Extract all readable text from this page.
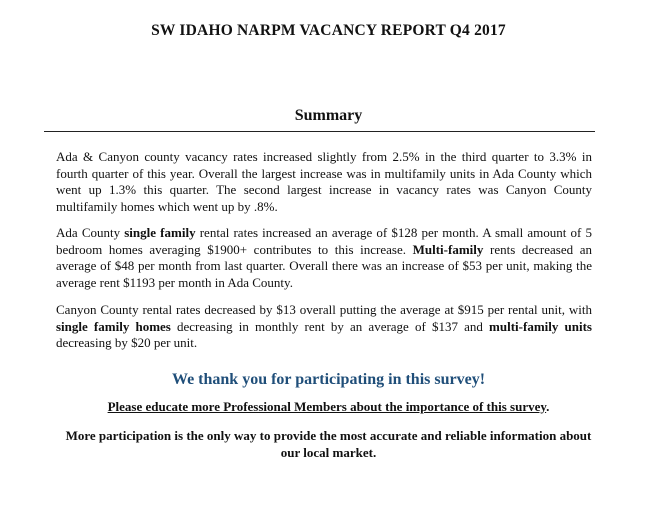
SW IDAHO NARPM VACANCY REPORT Q4 2017
Summary

Ada & Canyon county vacancy rates increased slightly from 2.5% in the third quarter to 3.3% in fourth quarter of this year. Overall the largest increase was in multifamily units in Ada County which went up 1.3% this quarter. The second largest increase in vacancy rates was Canyon County multifamily homes which went up by .8%.

Ada County single family rental rates increased an average of $128 per month. A small amount of 5 bedroom homes averaging $1900+ contributes to this increase. Multi-family rents decreased an average of $48 per month from last quarter. Overall there was an increase of $53 per unit, making the average rent $1193 per month in Ada County.

Canyon County rental rates decreased by $13 overall putting the average at $915 per rental unit, with single family homes decreasing in monthly rent by an average of $137 and multi-family units decreasing by $20 per unit.

We thank you for participating in this survey!

Please educate more Professional Members about the importance of this survey.

More participation is the only way to provide the most accurate and reliable information about our local market.
